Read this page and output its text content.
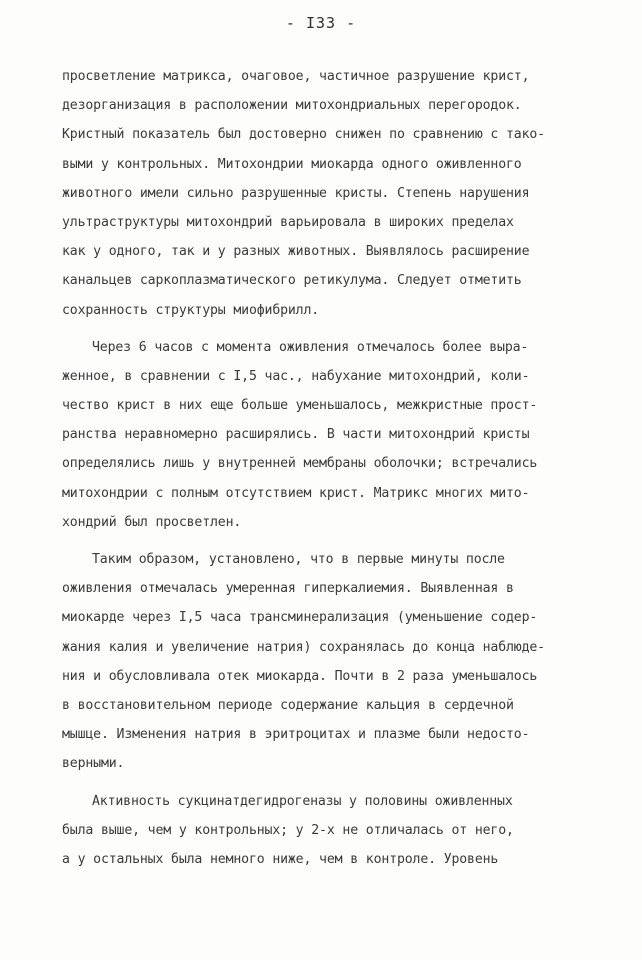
- I33 -
просветление матрикса, очаговое, частичное разрушение крист,
дезорганизация в расположении митохондриальных перегородок.
Кристный показатель был достоверно снижен по сравнению с тако-
выми у контрольных. Митохондрии миокарда одного оживленного
животного имели сильно разрушенные кристы. Степень нарушения
ультраструктуры митохондрий варьировала в широких пределах
как у одного, так и у разных животных. Выявлялось расширение
канальцев саркоплазматического ретикулума. Следует отметить
сохранность структуры миофибрилл.
Через 6 часов с момента оживления отмечалось более выра-
женное, в сравнении с I,5 час., набухание митохондрий, коли-
чество крист в них еще больше уменьшалось, межкристные прост-
ранства неравномерно расширялись. В части митохондрий кристы
определялись лишь у внутренней мембраны оболочки; встречались
митохондрии с полным отсутствием крист. Матрикс многих мито-
хондрий был просветлен.
Таким образом, установлено, что в первые минуты после
оживления отмечалась умеренная гиперкалиемия. Выявленная в
миокарде через I,5 часа трансминерализация (уменьшение содер-
жания калия и увеличение натрия) сохранялась до конца наблюде-
ния и обусловливала отек миокарда. Почти в 2 раза уменьшалось
в восстановительном периоде содержание кальция в сердечной
мышце. Изменения натрия в эритроцитах и плазме были недосто-
верными.
Активность сукцинатдегидрогеназы у половины оживленных
была выше, чем у контрольных; у 2-х не отличалась от него,
а у остальных была немного ниже, чем в контроле. Уровень
